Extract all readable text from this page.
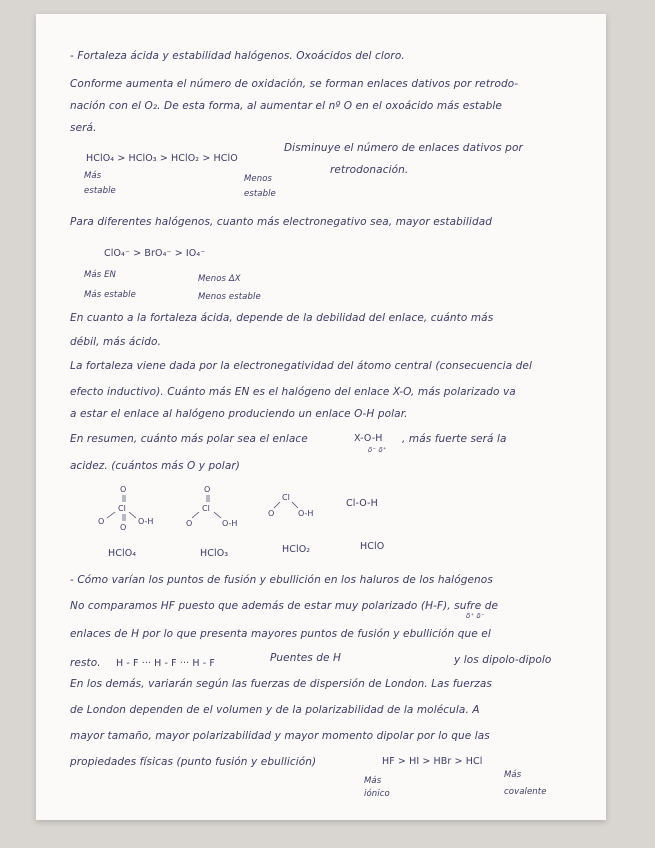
- Fortaleza ácida y estabilidad halógenos. Oxoácidos del cloro.
Conforme aumenta el número de oxidación, se forman enlaces dativos por retrodo-
nación con el O₂. De esta forma, al aumentar el nº O en el oxoácido más estable
será.
HClO₄ > HClO₃ > HClO₂ > HClO
Disminuye el número de enlaces dativos por
retrodonación.
Más	Menos
estable	estable
Para diferentes halógenos, cuanto más electronegativo sea, mayor estabilidad
ClO₄⁻ > BrO₄⁻ > IO₄⁻
Más EN	Menos ΔΧ
Más estable	Menos estable
En cuanto a la fortaleza ácida, depende de la debilidad del enlace, cuánto más
débil, más ácido.
La fortaleza viene dada por la electronegatividad del átomo central (consecuencia del
efecto inductivo). Cuánto más EN es el halógeno del enlace X-O, más polarizado va
a estar el enlace al halógeno produciendo un enlace O-H polar.
En resumen, cuánto más polar sea el enlace	X-O-H , más fuerte será la
δ⁻ δ⁺
acidez. (cuántos más O y polar)
O
Cl
O
O
O-H
HClO₄
O
Cl
O	O-H
HClO₃
Cl
O	O-H
HClO₂
Cl-O-H
HClO
- Cómo varían los puntos de fusión y ebullición en los haluros de los halógenos
No comparamos HF puesto que además de estar muy polarizado (H-F), sufre de
δ⁺ δ⁻
enlaces de H por lo que presenta mayores puntos de fusión y ebullición que el
resto. H - F ··· H - F ··· H - F	Puentes de H	y los dipolo-dipolo
En los demás, variarán según las fuerzas de dispersión de London. Las fuerzas
de London dependen de el volumen y de la polarizabilidad de la molécula. A
mayor tamaño, mayor polarizabilidad y mayor momento dipolar por lo que las
propiedades físicas (punto fusión y ebullición)	HF > HI > HBr > HCl
Más
Más
iónico	covalente
